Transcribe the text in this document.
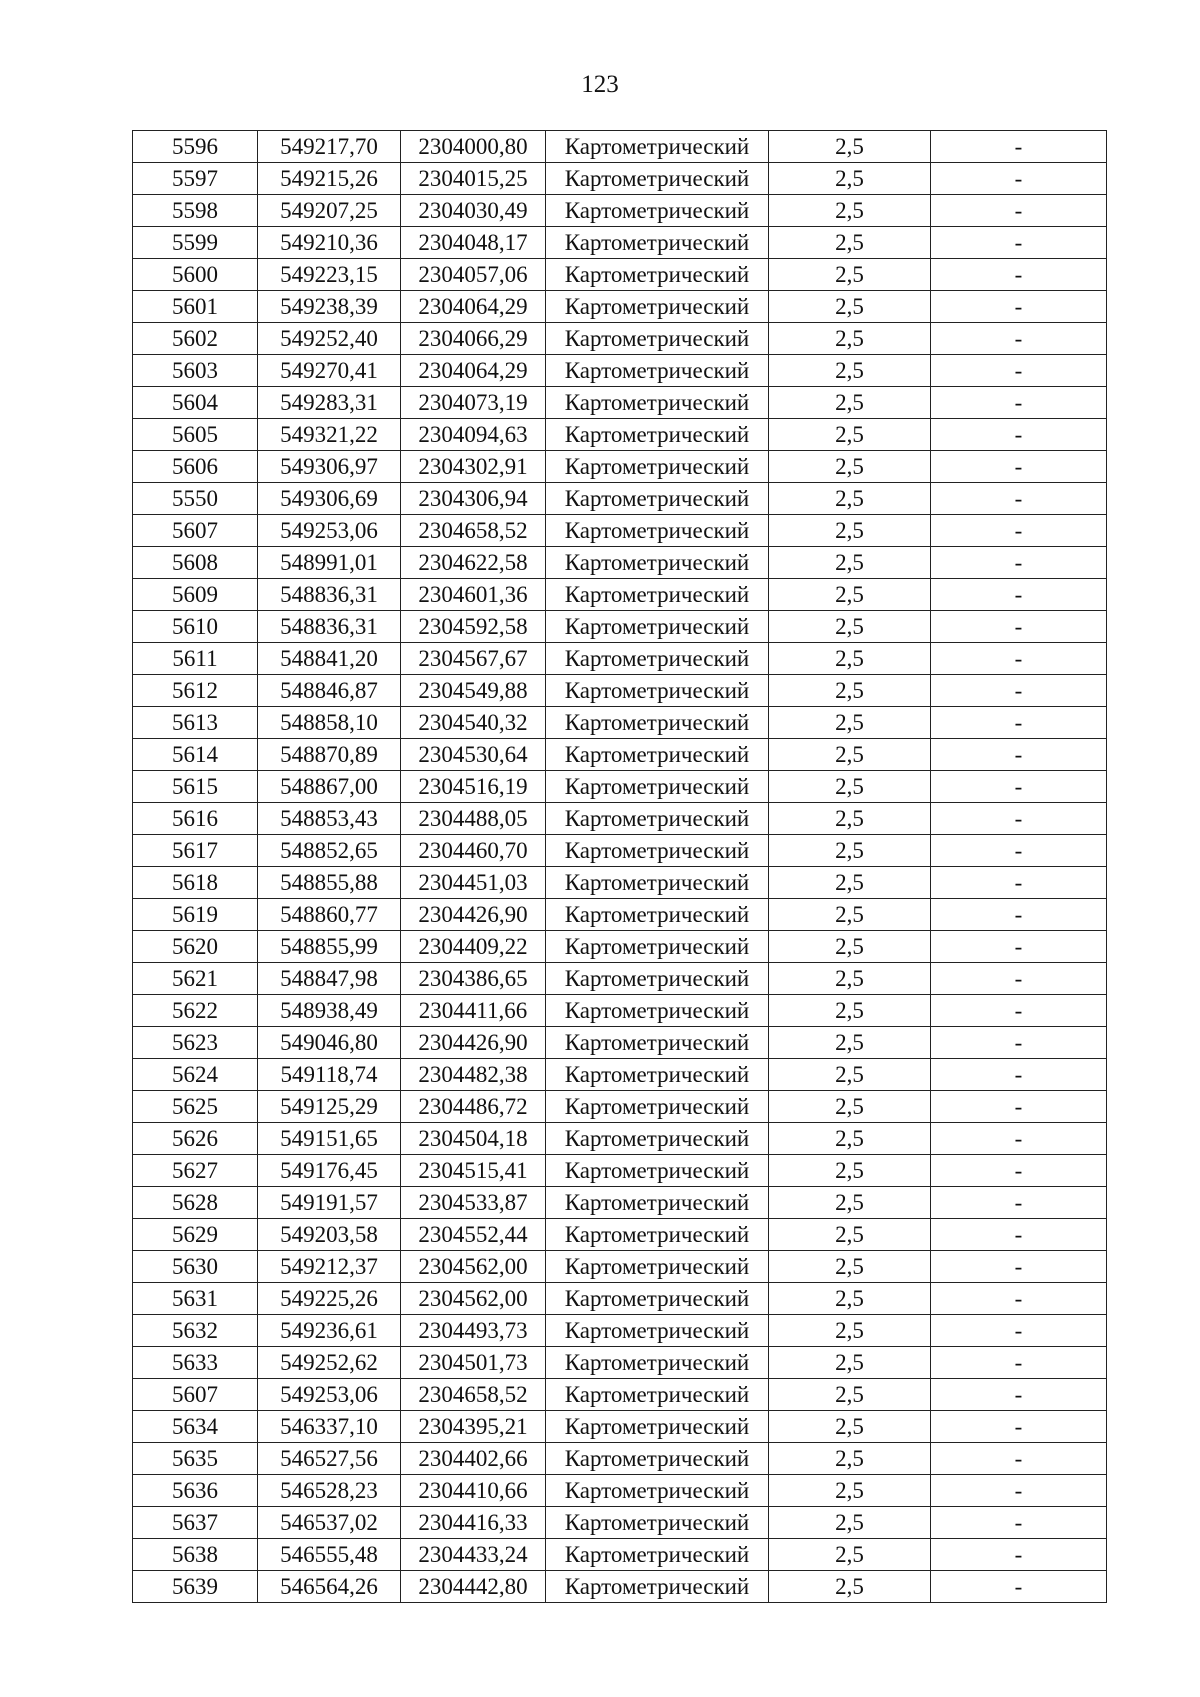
123
5596	549217,70	2304000,80	Картометрический	2,5	-
5597	549215,26	2304015,25	Картометрический	2,5	-
5598	549207,25	2304030,49	Картометрический	2,5	-
5599	549210,36	2304048,17	Картометрический	2,5	-
5600	549223,15	2304057,06	Картометрический	2,5	-
5601	549238,39	2304064,29	Картометрический	2,5	-
5602	549252,40	2304066,29	Картометрический	2,5	-
5603	549270,41	2304064,29	Картометрический	2,5	-
5604	549283,31	2304073,19	Картометрический	2,5	-
5605	549321,22	2304094,63	Картометрический	2,5	-
5606	549306,97	2304302,91	Картометрический	2,5	-
5550	549306,69	2304306,94	Картометрический	2,5	-
5607	549253,06	2304658,52	Картометрический	2,5	-
5608	548991,01	2304622,58	Картометрический	2,5	-
5609	548836,31	2304601,36	Картометрический	2,5	-
5610	548836,31	2304592,58	Картометрический	2,5	-
5611	548841,20	2304567,67	Картометрический	2,5	-
5612	548846,87	2304549,88	Картометрический	2,5	-
5613	548858,10	2304540,32	Картометрический	2,5	-
5614	548870,89	2304530,64	Картометрический	2,5	-
5615	548867,00	2304516,19	Картометрический	2,5	-
5616	548853,43	2304488,05	Картометрический	2,5	-
5617	548852,65	2304460,70	Картометрический	2,5	-
5618	548855,88	2304451,03	Картометрический	2,5	-
5619	548860,77	2304426,90	Картометрический	2,5	-
5620	548855,99	2304409,22	Картометрический	2,5	-
5621	548847,98	2304386,65	Картометрический	2,5	-
5622	548938,49	2304411,66	Картометрический	2,5	-
5623	549046,80	2304426,90	Картометрический	2,5	-
5624	549118,74	2304482,38	Картометрический	2,5	-
5625	549125,29	2304486,72	Картометрический	2,5	-
5626	549151,65	2304504,18	Картометрический	2,5	-
5627	549176,45	2304515,41	Картометрический	2,5	-
5628	549191,57	2304533,87	Картометрический	2,5	-
5629	549203,58	2304552,44	Картометрический	2,5	-
5630	549212,37	2304562,00	Картометрический	2,5	-
5631	549225,26	2304562,00	Картометрический	2,5	-
5632	549236,61	2304493,73	Картометрический	2,5	-
5633	549252,62	2304501,73	Картометрический	2,5	-
5607	549253,06	2304658,52	Картометрический	2,5	-
5634	546337,10	2304395,21	Картометрический	2,5	-
5635	546527,56	2304402,66	Картометрический	2,5	-
5636	546528,23	2304410,66	Картометрический	2,5	-
5637	546537,02	2304416,33	Картометрический	2,5	-
5638	546555,48	2304433,24	Картометрический	2,5	-
5639	546564,26	2304442,80	Картометрический	2,5	-
